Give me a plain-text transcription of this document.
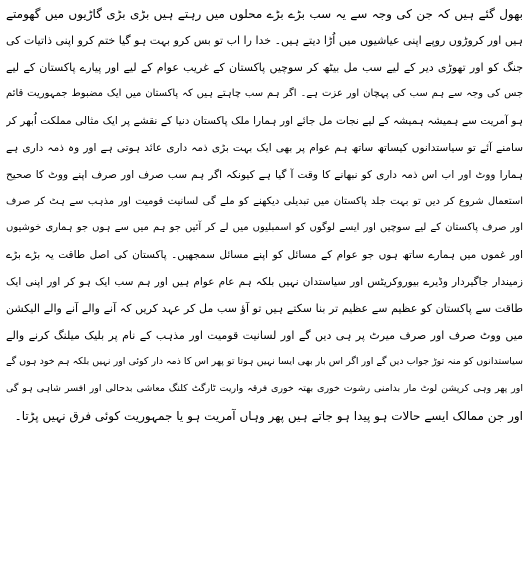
بھول گئے ہیں کہ جن کی وجہ سے یہ سب بڑے بڑے محلوں میں رہتے ہیں بڑی بڑی گاڑیوں میں گھومتے
ہیں اور کروڑوں روپے اپنی عیاشیوں میں اُڑا دیتے ہیں۔ خدا را اب تو بس کرو بہت ہو گیا ختم کرو اپنی ذاتیات کی
جنگ کو اور تھوڑی دیر کے لیے سب مل بیٹھ کر سوچیں پاکستان کے غریب عوام کے لیے اور پیارے پاکستان کے لیے
جس کی وجہ سے ہم سب کی پہچان اور عزت ہے۔ اگر ہم سب چاہتے ہیں کہ پاکستان میں ایک مضبوط جمہوریت قائم
ہو آمریت سے ہمیشہ ہمیشہ کے لیے نجات مل جائے اور ہمارا ملک پاکستان دنیا کے نقشے پر ایک مثالی مملکت اُبھر کر
سامنے آئے تو سیاستدانوں کیساتھ ساتھ ہم عوام پر بھی ایک بہت بڑی ذمہ داری عائد ہوتی ہے اور وہ ذمہ داری ہے
ہمارا ووٹ اور اب اس ذمہ داری کو نبھانے کا وقت آ گیا ہے کیونکہ اگر ہم سب صرف اور صرف اپنے ووٹ کا صحیح
استعمال شروع کر دیں تو بہت جلد پاکستان میں تبدیلی دیکھنے کو ملے گی لسانیت قومیت اور مذہب سے ہٹ کر صرف
اور صرف پاکستان کے لیے سوچیں اور ایسے لوگوں کو اسمبلیوں میں لے کر آئیں جو ہم میں سے ہوں جو ہماری خوشیوں
اور غموں میں ہمارے ساتھ ہوں جو عوام کے مسائل کو اپنے مسائل سمجھیں۔ پاکستان کی اصل طاقت یہ بڑے بڑے
زمیندار جاگیردار وڈیرے بیوروکریٹس اور سیاستدان نہیں بلکہ ہم عام عوام ہیں اور ہم سب ایک ہو کر اور اپنی ایک
طاقت سے پاکستان کو عظیم سے عظیم تر بنا سکتے ہیں تو آؤ سب مل کر عہد کریں کہ آنے والے آنے والے الیکشن
میں ووٹ صرف اور صرف میرٹ پر ہی دیں گے اور لسانیت قومیت اور مذہب کے نام پر بلیک میلنگ کرنے والے
سیاستدانوں کو منہ توڑ جواب دیں گے اور اگر اس بار بھی ایسا نہیں ہوتا تو پھر اس کا ذمہ دار کوئی اور نہیں بلکہ ہم خود ہوں گے
اور پھر وہی کرپشن لوٹ مار بدامنی رشوت خوری بھتہ خوری فرقہ واریت ٹارگٹ کلنگ معاشی بدحالی اور افسر شاہی ہو گی
اور جن ممالک ایسے حالات ہو پیدا ہو جاتے ہیں پھر وہاں آمریت ہو یا جمہوریت کوئی فرق نہیں پڑتا۔
